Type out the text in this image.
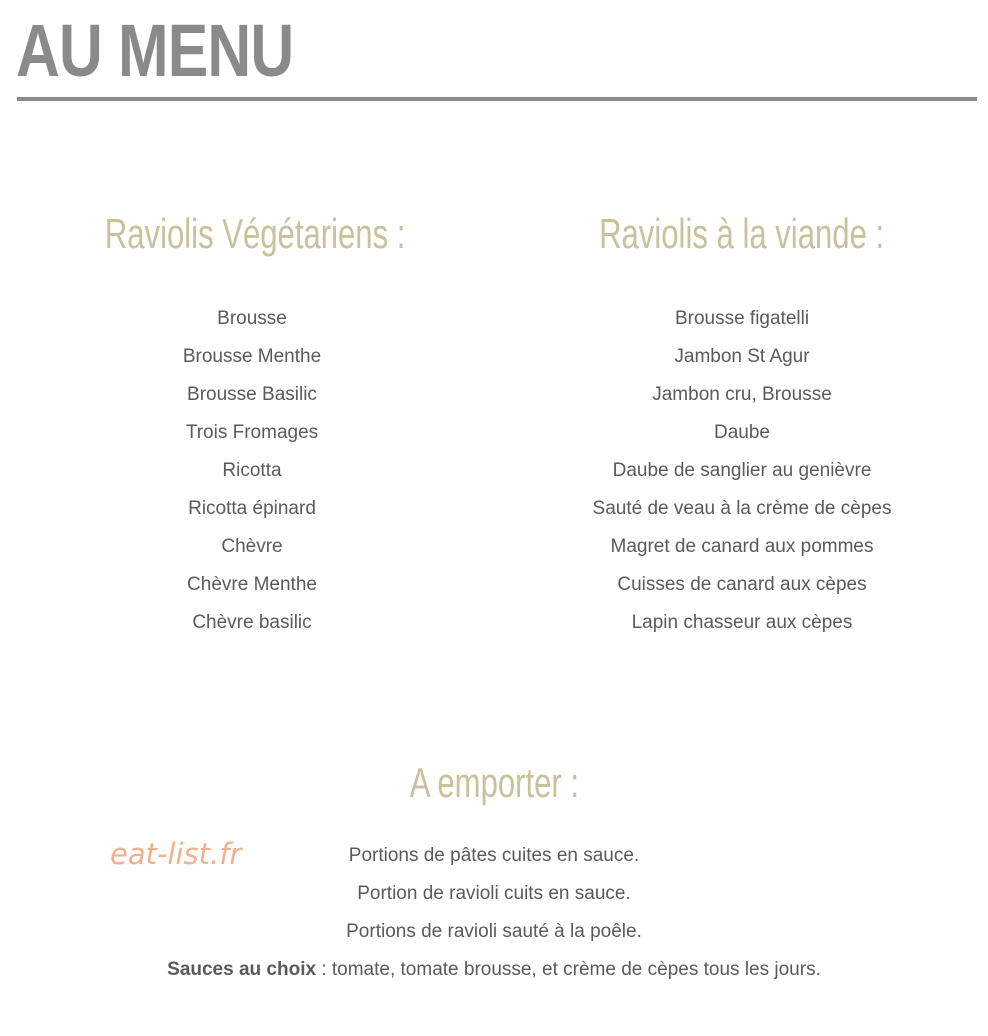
AU MENU
Raviolis Végétariens :
Brousse
Brousse Menthe
Brousse Basilic
Trois Fromages
Ricotta
Ricotta épinard
Chèvre
Chèvre Menthe
Chèvre basilic
Raviolis à la viande :
Brousse figatelli
Jambon St Agur
Jambon cru, Brousse
Daube
Daube de sanglier au genièvre
Sauté de veau à la crème de cèpes
Magret de canard aux pommes
Cuisses de canard aux cèpes
Lapin chasseur aux cèpes
A emporter :
Portions de pâtes cuites en sauce.
Portion de ravioli cuits en sauce.
Portions de ravioli sauté à la poêle.
Sauces au choix : tomate, tomate brousse, et crème de cèpes tous les jours.
eat-list.fr
